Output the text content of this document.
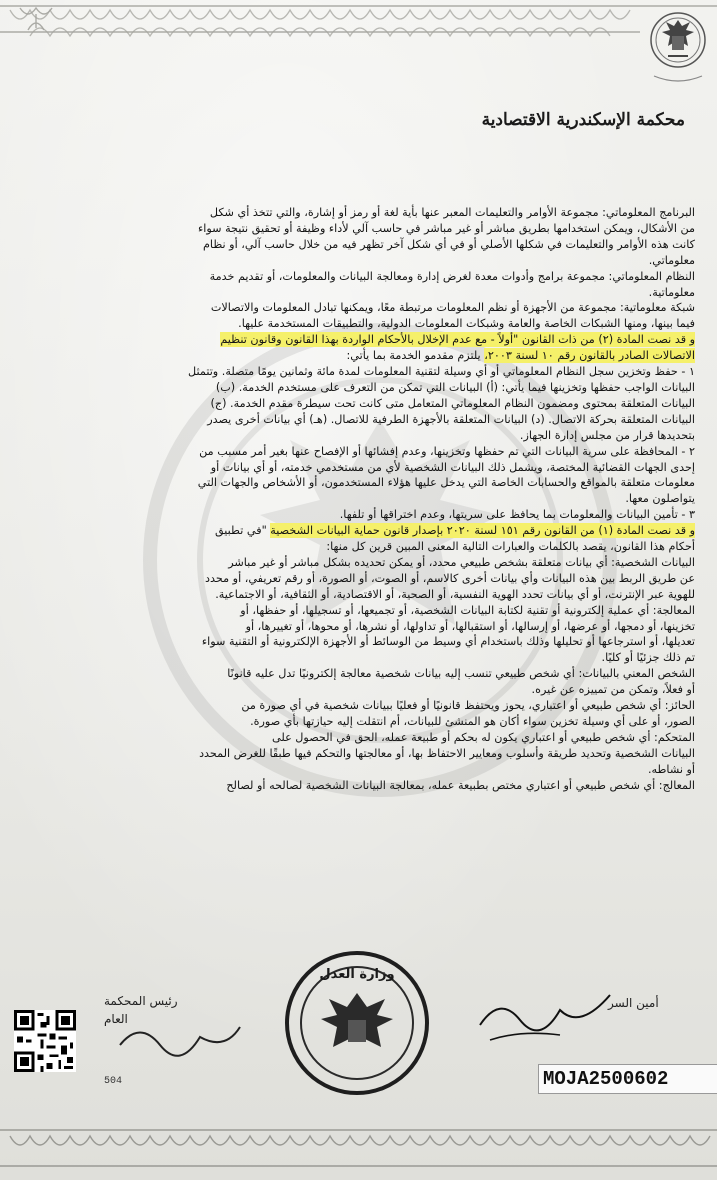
محكمة الإسكندرية الاقتصادية

البرنامج المعلوماتي: مجموعة الأوامر والتعليمات المعبر عنها بأية لغة أو رمز أو إشارة، والتي تتخذ أي شكل

من الأشكال، ويمكن استخدامها بطريق مباشر أو غير مباشر في حاسب آلي لأداء وظيفة أو تحقيق نتيجة سواء

كانت هذه الأوامر والتعليمات في شكلها الأصلي أو في أي شكل آخر تظهر فيه من خلال حاسب آلي، أو نظام

معلوماتي.

النظام المعلوماتي: مجموعة برامج وأدوات معدة لغرض إدارة ومعالجة البيانات والمعلومات، أو تقديم خدمة

معلوماتية.

شبكة معلوماتية: مجموعة من الأجهزة أو نظم المعلومات مرتبطة معًا، ويمكنها تبادل المعلومات والاتصالات

فيما بينها، ومنها الشبكات الخاصة والعامة وشبكات المعلومات الدولية، والتطبيقات المستخدمة عليها.

و قد نصت المادة (٢) من ذات القانون "أولاً - مع عدم الإخلال بالأحكام الواردة بهذا القانون وقانون تنظيم

الاتصالات الصادر بالقانون رقم ١٠ لسنة ٢٠٠٣، يلتزم مقدمو الخدمة بما يأتي:

١ - حفظ وتخزين سجل النظام المعلوماتي أو أي وسيلة لتقنية المعلومات لمدة مائة وثمانين يومًا متصلة. وتتمثل

البيانات الواجب حفظها وتخزينها فيما يأتي: (أ) البيانات التي تمكن من التعرف على مستخدم الخدمة. (ب)

البيانات المتعلقة بمحتوى ومضمون النظام المعلوماتي المتعامل متى كانت تحت سيطرة مقدم الخدمة. (ج)

البيانات المتعلقة بحركة الاتصال. (د) البيانات المتعلقة بالأجهزة الطرفية للاتصال. (هـ) أي بيانات أخرى يصدر

بتحديدها قرار من مجلس إدارة الجهاز.

٢ - المحافظة على سرية البيانات التي تم حفظها وتخزينها، وعدم إفشائها أو الإفصاح عنها بغير أمر مسبب من

إحدى الجهات القضائية المختصة، ويشمل ذلك البيانات الشخصية لأي من مستخدمي خدمته، أو أي بيانات أو

معلومات متعلقة بالمواقع والحسابات الخاصة التي يدخل عليها هؤلاء المستخدمون، أو الأشخاص والجهات التي

يتواصلون معها.

٣ - تأمين البيانات والمعلومات بما يحافظ على سريتها، وعدم اختراقها أو تلفها.

و قد نصت المادة (١) من القانون رقم ١٥١ لسنة ٢٠٢٠ بإصدار قانون حماية البيانات الشخصية "في تطبيق

أحكام هذا القانون، يقصد بالكلمات والعبارات التالية المعنى المبين قرين كل منها:

البيانات الشخصية: أي بيانات متعلقة بشخص طبيعي محدد، أو يمكن تحديده بشكل مباشر أو غير مباشر

عن طريق الربط بين هذه البيانات وأي بيانات أخرى كالاسم، أو الصوت، أو الصورة، أو رقم تعريفي، أو محدد

للهوية عبر الإنترنت، أو أي بيانات تحدد الهوية النفسية، أو الصحية، أو الاقتصادية، أو الثقافية، أو الاجتماعية.

المعالجة: أي عملية إلكترونية أو تقنية لكتابة البيانات الشخصية، أو تجميعها، أو تسجيلها، أو حفظها، أو

تخزينها، أو دمجها، أو عرضها، أو إرسالها، أو استقبالها، أو تداولها، أو نشرها، أو محوها، أو تغييرها، أو

تعديلها، أو استرجاعها أو تحليلها وذلك باستخدام أي وسيط من الوسائط أو الأجهزة الإلكترونية أو التقنية سواء

تم ذلك جزئيًا أو كليًا.

الشخص المعني بالبيانات: أي شخص طبيعي تنسب إليه بيانات شخصية معالجة إلكترونيًا تدل عليه قانونًا

أو فعلاً، وتمكن من تمييزه عن غيره.

الحائز: أي شخص طبيعي أو اعتباري، يحوز ويحتفظ قانونيًا أو فعليًا ببيانات شخصية في أي صورة من

الصور، أو على أي وسيلة تخزين سواء أكان هو المنشئ للبيانات، أم انتقلت إليه حيازتها بأي صورة.

المتحكم: أي شخص طبيعي أو اعتباري يكون له بحكم أو طبيعة عمله، الحق في الحصول على

البيانات الشخصية وتحديد طريقة وأسلوب ومعايير الاحتفاظ بها، أو معالجتها والتحكم فيها طبقًا للغرض المحدد

أو نشاطه.

المعالج: أي شخص طبيعي أو اعتباري مختص بطبيعة عمله، بمعالجة البيانات الشخصية لصالحه أو لصالح

وزارة العدل
رئيس المحكمة
العام
أمين السر
504	MOJA2500602
